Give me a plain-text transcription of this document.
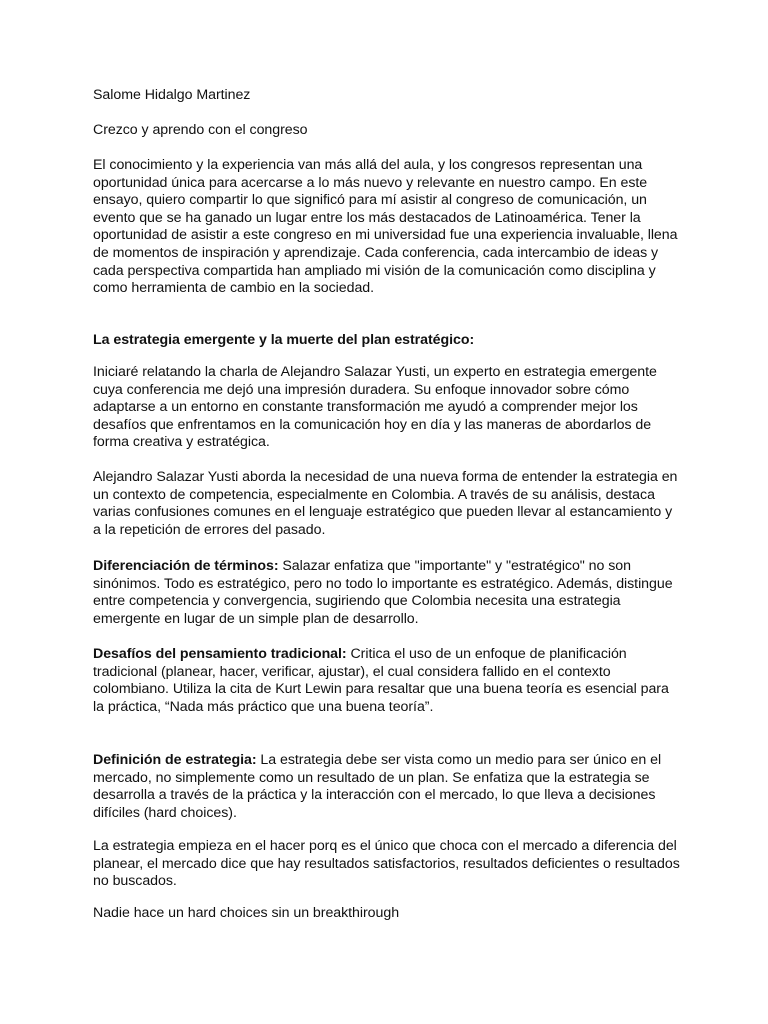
Salome Hidalgo Martinez

Crezco y aprendo con el congreso

El conocimiento y la experiencia van más allá del aula, y los congresos representan una oportunidad única para acercarse a lo más nuevo y relevante en nuestro campo. En este ensayo, quiero compartir lo que significó para mí asistir al congreso de comunicación, un evento que se ha ganado un lugar entre los más destacados de Latinoamérica. Tener la oportunidad de asistir a este congreso en mi universidad fue una experiencia invaluable, llena de momentos de inspiración y aprendizaje. Cada conferencia, cada intercambio de ideas y cada perspectiva compartida han ampliado mi visión de la comunicación como disciplina y como herramienta de cambio en la sociedad.

La estrategia emergente y la muerte del plan estratégico:

Iniciaré relatando la charla de Alejandro Salazar Yusti, un experto en estrategia emergente cuya conferencia me dejó una impresión duradera. Su enfoque innovador sobre cómo adaptarse a un entorno en constante transformación me ayudó a comprender mejor los desafíos que enfrentamos en la comunicación hoy en día y las maneras de abordarlos de forma creativa y estratégica.

Alejandro Salazar Yusti aborda la necesidad de una nueva forma de entender la estrategia en un contexto de competencia, especialmente en Colombia. A través de su análisis, destaca varias confusiones comunes en el lenguaje estratégico que pueden llevar al estancamiento y a la repetición de errores del pasado.

Diferenciación de términos: Salazar enfatiza que "importante" y "estratégico" no son sinónimos. Todo es estratégico, pero no todo lo importante es estratégico. Además, distingue entre competencia y convergencia, sugiriendo que Colombia necesita una estrategia emergente en lugar de un simple plan de desarrollo.

Desafíos del pensamiento tradicional: Critica el uso de un enfoque de planificación tradicional (planear, hacer, verificar, ajustar), el cual considera fallido en el contexto colombiano. Utiliza la cita de Kurt Lewin para resaltar que una buena teoría es esencial para la práctica, “Nada más práctico que una buena teoría”.

Definición de estrategia: La estrategia debe ser vista como un medio para ser único en el mercado, no simplemente como un resultado de un plan. Se enfatiza que la estrategia se desarrolla a través de la práctica y la interacción con el mercado, lo que lleva a decisiones difíciles (hard choices).

La estrategia empieza en el hacer porq es el único que choca con el mercado a diferencia del planear, el mercado dice que hay resultados satisfactorios, resultados deficientes o resultados no buscados.

Nadie hace un hard choices sin un breakthirough
